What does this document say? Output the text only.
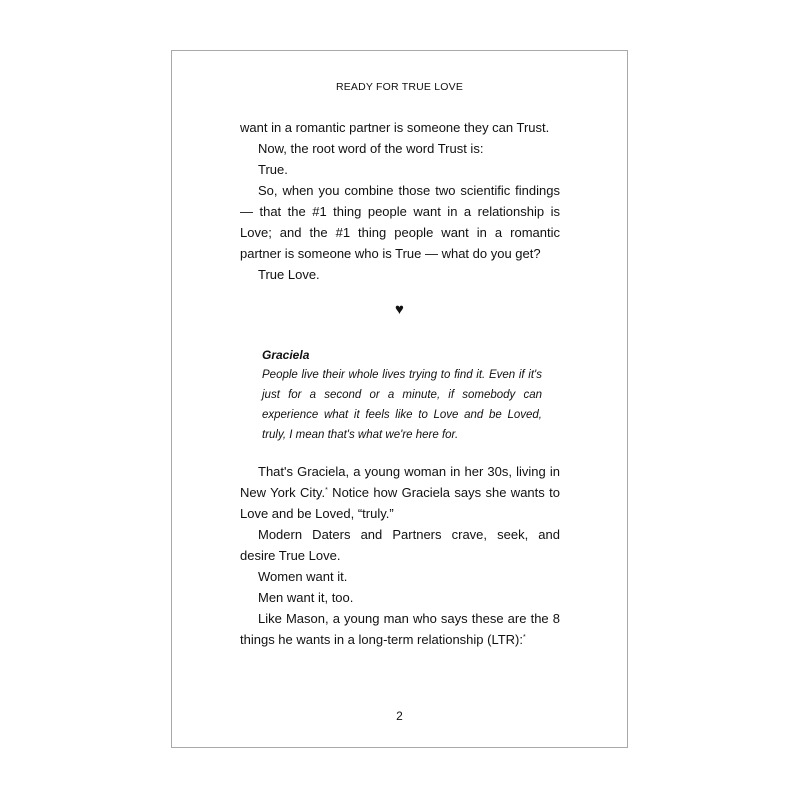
READY FOR TRUE LOVE

want in a romantic partner is someone they can Trust.

Now, the root word of the word Trust is:

True.

So, when you combine those two scientific findings — that the #1 thing people want in a relationship is Love; and the #1 thing people want in a romantic partner is someone who is True — what do you get?

True Love.

♥
Graciela

People live their whole lives trying to find it. Even if it's just for a second or a minute, if somebody can experience what it feels like to Love and be Loved, truly, I mean that's what we're here for.

That's Graciela, a young woman in her 30s, living in New York City.* Notice how Graciela says she wants to Love and be Loved, “truly.”

Modern Daters and Partners crave, seek, and desire True Love.

Women want it.

Men want it, too.

Like Mason, a young man who says these are the 8 things he wants in a long-term relationship (LTR):*

2
